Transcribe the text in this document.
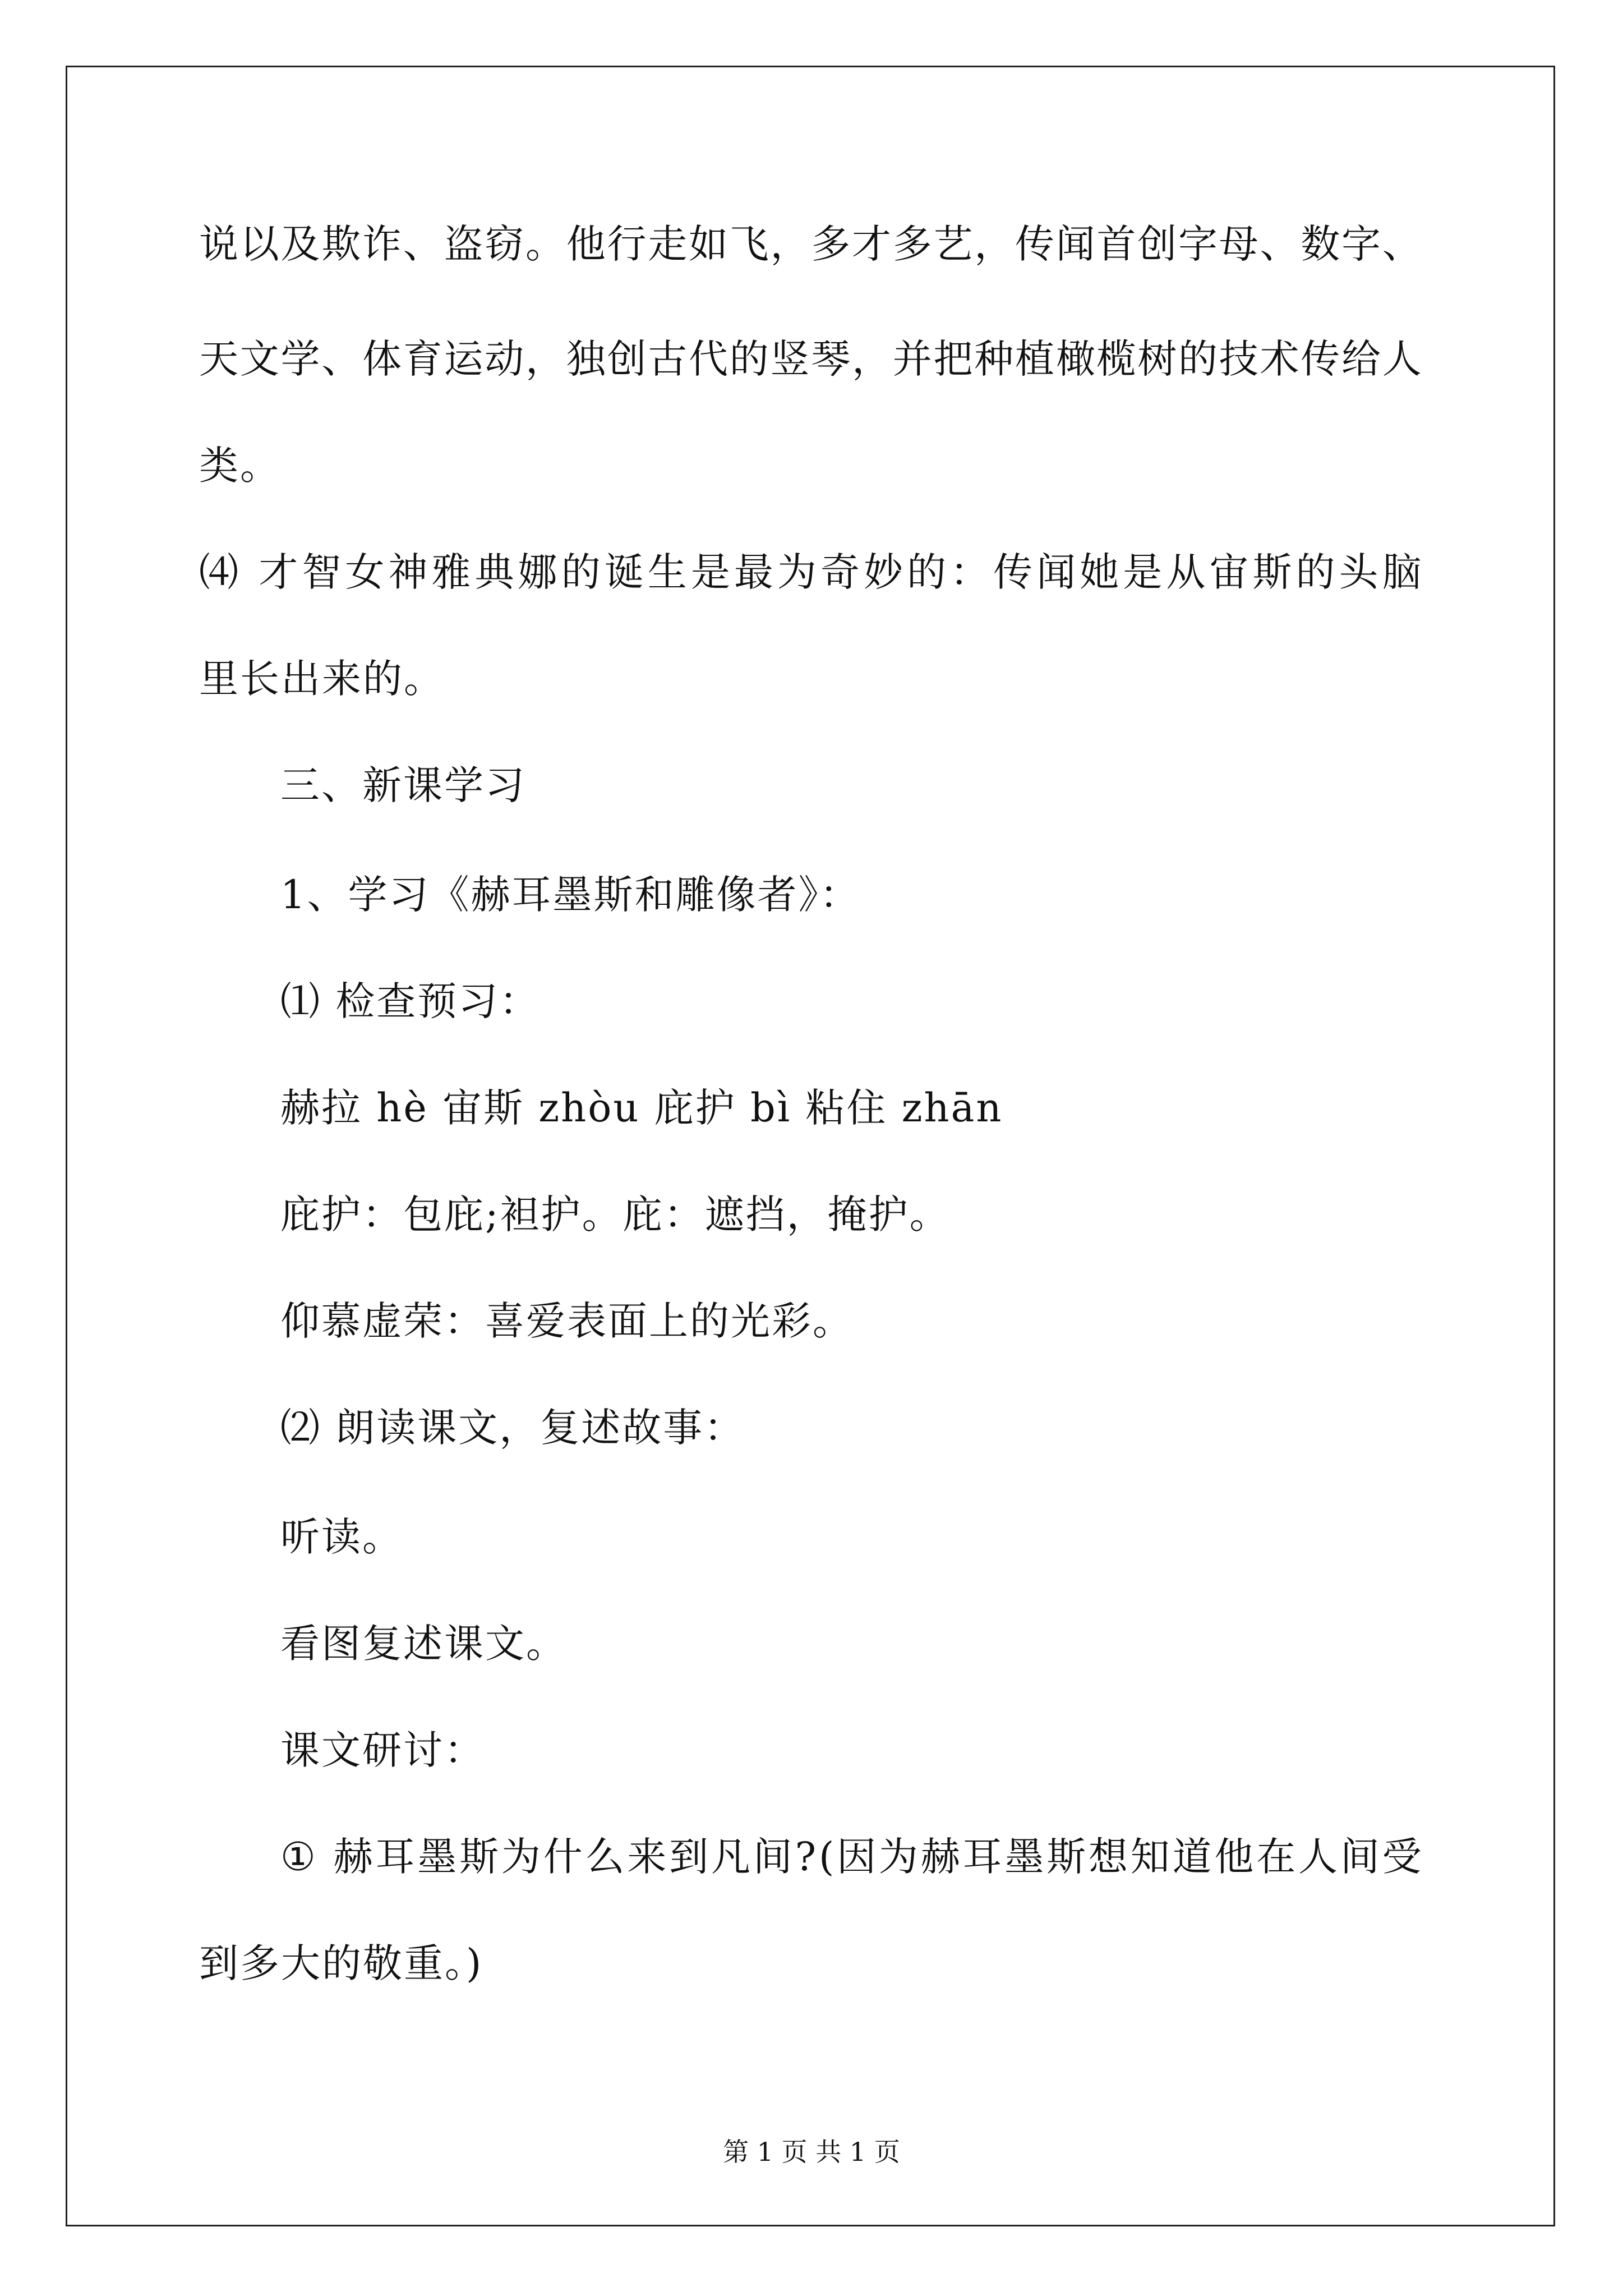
说 以 及 欺 诈 、 盗 窃 。 他 行 走 如 飞 ， 多 才 多 艺 ， 传 闻 首 创 字 母 、 数 字 、
天 文 学 、 体 育 运 动 ， 独 创 古 代 的 竖 琴 ， 并 把 种 植 橄 榄 树 的 技 术 传 给 人
类。
⑷
才 智 女 神 雅 典 娜 的 诞 生 是 最 为 奇 妙 的 ： 传 闻 她 是 从 宙 斯 的 头 脑
里长出来的。
三、新课学习
1、学习《赫耳墨斯和雕像者》：
⑴ 检查预习：
赫拉 hè 宙斯 zhòu 庇护 bì 粘住 zhān
庇护：包庇;袒护。庇：遮挡，掩护。
仰慕虚荣：喜爱表面上的光彩。
⑵ 朗读课文，复述故事：
听读。
看图复述课文。
课文研讨：
①
赫 耳 墨 斯 为 什 么 来 到 凡 间 ? ( 因 为 赫 耳 墨 斯 想 知 道 他 在 人 间 受
到多大的敬重。)
第 1 页 共 1 页
